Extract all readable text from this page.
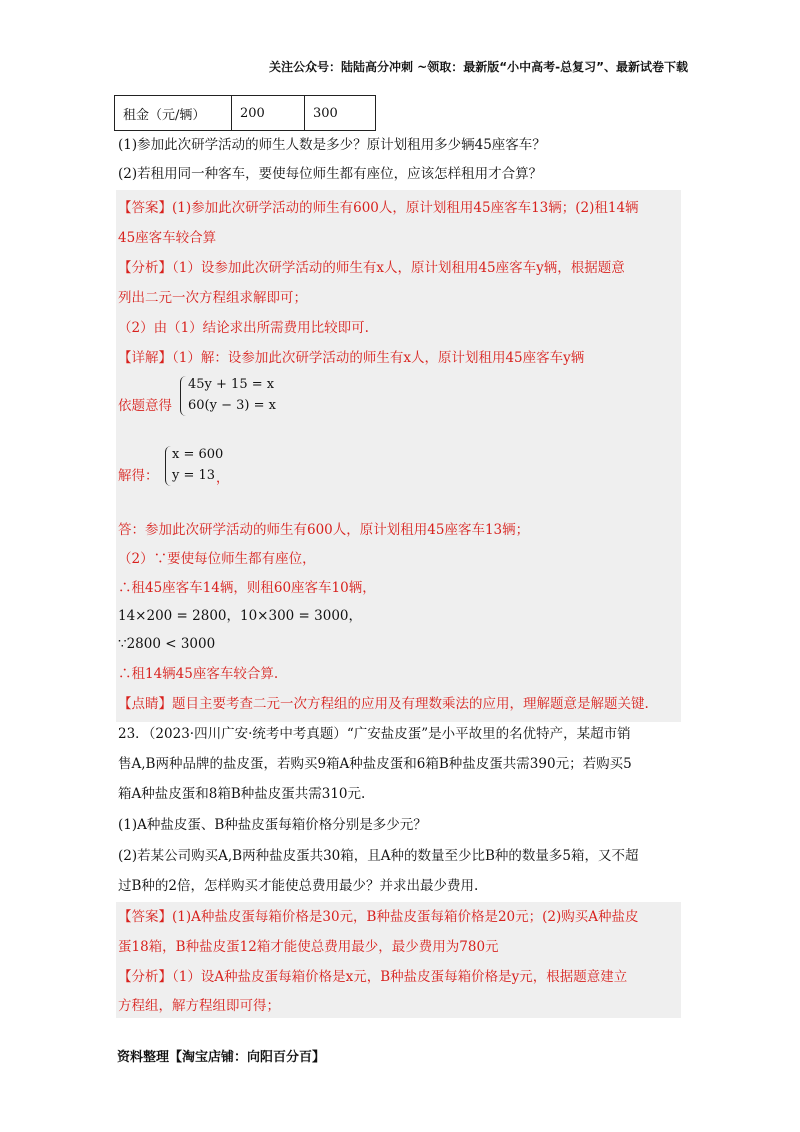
关注公众号：陆陆高分冲刺 ~领取：最新版“小中高考-总复习”、最新试卷下载
租金（元/辆）	200	300
(1)参加此次研学活动的师生人数是多少？原计划租用多少辆45座客车？
(2)若租用同一种客车，要使每位师生都有座位，应该怎样租用才合算？
【答案】(1)参加此次研学活动的师生有600人，原计划租用45座客车13辆；(2)租14辆
45座客车较合算
【分析】（1）设参加此次研学活动的师生有x人，原计划租用45座客车y辆，根据题意
列出二元一次方程组求解即可；
（2）由（1）结论求出所需费用比较即可.
【详解】（1）解：设参加此次研学活动的师生有x人，原计划租用45座客车y辆
依题意得
45y + 15 = x
60(y − 3) = x
解得：
x = 600
y = 13 ，
答：参加此次研学活动的师生有600人，原计划租用45座客车13辆；
（2）∵要使每位师生都有座位，
∴租45座客车14辆，则租60座客车10辆，
14×200 = 2800，10×300 = 3000，
∵2800 < 3000
∴租14辆45座客车较合算.
【点睛】题目主要考查二元一次方程组的应用及有理数乘法的应用，理解题意是解题关键.
23．（2023·四川广安·统考中考真题）“广安盐皮蛋”是小平故里的名优特产，某超市销
售A,B两种品牌的盐皮蛋，若购买9箱A种盐皮蛋和6箱B种盐皮蛋共需390元；若购买5
箱A种盐皮蛋和8箱B种盐皮蛋共需310元.
(1)A种盐皮蛋、B种盐皮蛋每箱价格分别是多少元？
(2)若某公司购买A,B两种盐皮蛋共30箱，且A种的数量至少比B种的数量多5箱，又不超
过B种的2倍，怎样购买才能使总费用最少？并求出最少费用.
【答案】(1)A种盐皮蛋每箱价格是30元，B种盐皮蛋每箱价格是20元；(2)购买A种盐皮
蛋18箱，B种盐皮蛋12箱才能使总费用最少，最少费用为780元
【分析】（1）设A种盐皮蛋每箱价格是x元，B种盐皮蛋每箱价格是y元，根据题意建立
方程组，解方程组即可得；
资料整理【淘宝店铺：向阳百分百】
